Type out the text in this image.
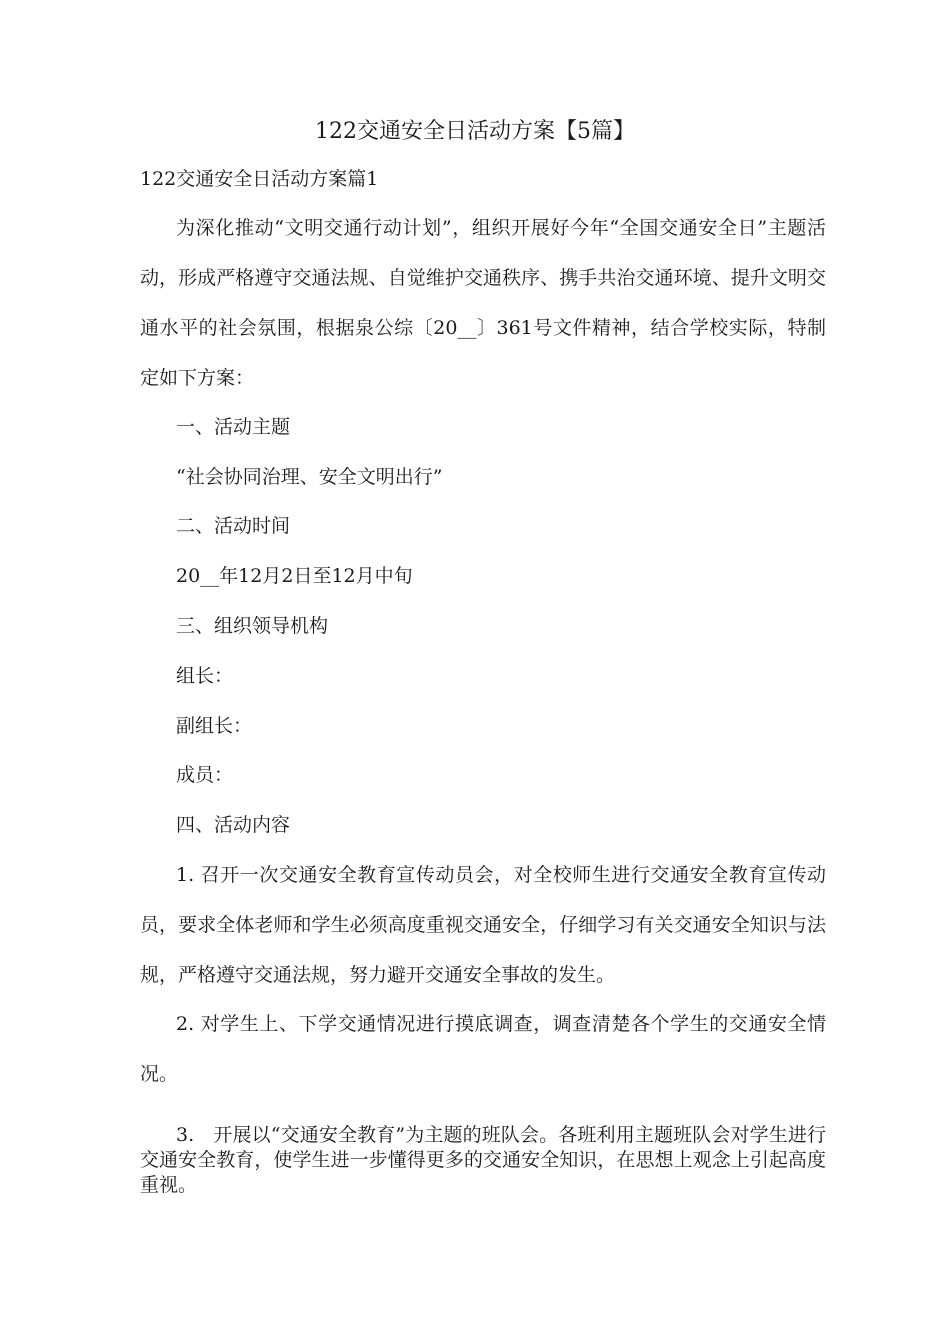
122交通安全日活动方案【5篇】

122交通安全日活动方案篇1

为深化推动“文明交通行动计划”，组织开展好今年“全国交通安全日”主题活动，形成严格遵守交通法规、自觉维护交通秩序、携手共治交通环境、提升文明交通水平的社会氛围，根据泉公综〔20__〕361号文件精神，结合学校实际，特制定如下方案：

一、活动主题

“社会协同治理、安全文明出行”

二、活动时间

20__年12月2日至12月中旬

三、组织领导机构

组长：

副组长：

成员：

四、活动内容

1. 召开一次交通安全教育宣传动员会，对全校师生进行交通安全教育宣传动员，要求全体老师和学生必须高度重视交通安全，仔细学习有关交通安全知识与法规，严格遵守交通法规，努力避开交通安全事故的发生。

2. 对学生上、下学交通情况进行摸底调查，调查清楚各个学生的交通安全情况。

3.　开展以“交通安全教育”为主题的班队会。各班利用主题班队会对学生进行交通安全教育，使学生进一步懂得更多的交通安全知识，在思想上观念上引起高度重视。
